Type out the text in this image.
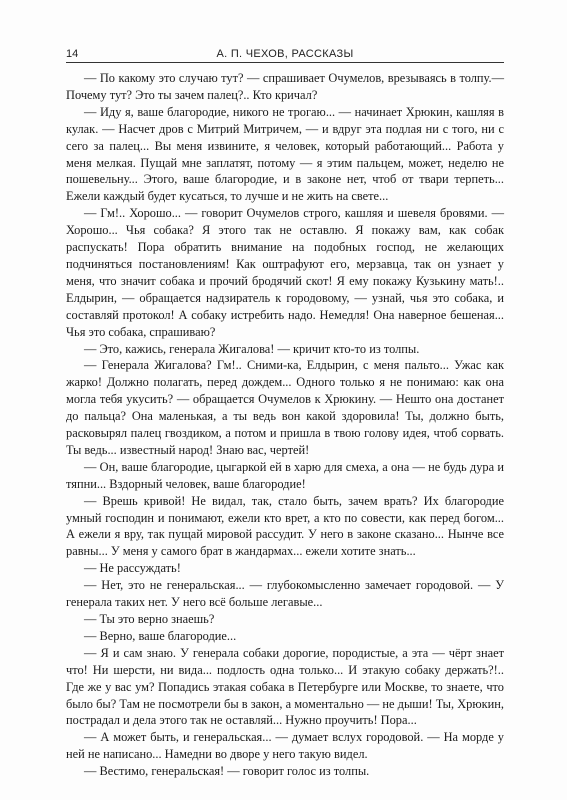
14	А. П. ЧЕХОВ, РАССКАЗЫ

— По какому это случаю тут? — спрашивает Очумелов, врезываясь в толпу.— Почему тут? Это ты зачем палец?.. Кто кричал?

— Иду я, ваше благородие, никого не трогаю... — начинает Хрюкин, кашляя в кулак. — Насчет дров с Митрий Митричем, — и вдруг эта подлая ни с того, ни с сего за палец... Вы меня извините, я человек, который работающий... Работа у меня мелкая. Пущай мне заплатят, потому — я этим пальцем, может, неделю не пошевельну... Этого, ваше благородие, и в законе нет, чтоб от твари терпеть... Ежели каждый будет кусаться, то лучше и не жить на свете...

— Гм!.. Хорошо... — говорит Очумелов строго, кашляя и шевеля бровями. — Хорошо... Чья собака? Я этого так не оставлю. Я покажу вам, как собак распускать! Пора обратить внимание на подобных господ, не желающих подчиняться постановлениям! Как оштрафуют его, мерзавца, так он узнает у меня, что значит собака и прочий бродячий скот! Я ему покажу Кузькину мать!.. Елдырин, — обращается надзиратель к городовому, — узнай, чья это собака, и составляй протокол! А собаку истребить надо. Немедля! Она наверное бешеная... Чья это собака, спрашиваю?

— Это, кажись, генерала Жигалова! — кричит кто-то из толпы.

— Генерала Жигалова? Гм!.. Сними-ка, Елдырин, с меня пальто... Ужас как жарко! Должно полагать, перед дождем... Одного только я не понимаю: как она могла тебя укусить? — обращается Очумелов к Хрюкину. — Нешто она достанет до пальца? Она маленькая, а ты ведь вон какой здоровила! Ты, должно быть, расковырял палец гвоздиком, а потом и пришла в твою голову идея, чтоб сорвать. Ты ведь... известный народ! Знаю вас, чертей!

— Он, ваше благородие, цыгаркой ей в харю для смеха, а она — не будь дура и тяпни... Вздорный человек, ваше благородие!

— Врешь кривой! Не видал, так, стало быть, зачем врать? Их благородие умный господин и понимают, ежели кто врет, а кто по совести, как перед богом... А ежели я вру, так пущай мировой рассудит. У него в законе сказано... Нынче все равны... У меня у самого брат в жандармах... ежели хотите знать...

— Не рассуждать!

— Нет, это не генеральская... — глубокомысленно замечает городовой. — У генерала таких нет. У него всё больше легавые...

— Ты это верно знаешь?

— Верно, ваше благородие...

— Я и сам знаю. У генерала собаки дорогие, породистые, а эта — чёрт знает что! Ни шерсти, ни вида... подлость одна только... И этакую собаку держать?!.. Где же у вас ум? Попадись этакая собака в Петербурге или Москве, то знаете, что было бы? Там не посмотрели бы в закон, а моментально — не дыши! Ты, Хрюкин, пострадал и дела этого так не оставляй... Нужно проучить! Пора...

— А может быть, и генеральская... — думает вслух городовой. — На морде у ней не написано... Намедни во дворе у него такую видел.

— Вестимо, генеральская! — говорит голос из толпы.
